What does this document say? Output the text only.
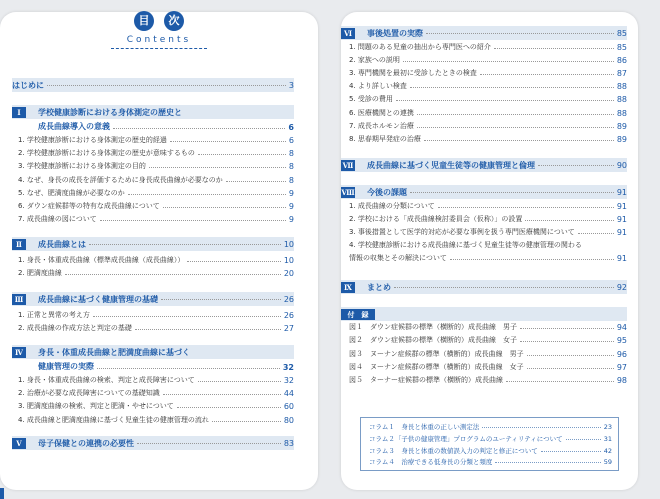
目	次
Contents
はじめに	3
Ⅰ	学校健康診断における身体測定の歴史と
成長曲線導入の意義	6
1. 学校健康診断における身体測定の歴史的経過	6
2. 学校健康診断における身体測定の歴史が意味するもの	8
3. 学校健康診断における身体測定の目的	8
4. なぜ、身長の成長を評価するために身長成長曲線が必要なのか	8
5. なぜ、肥満度曲線が必要なのか	9
6. ダウン症候群等の特有な成長曲線について	9
7. 成長曲線の図について	9
Ⅱ	成長曲線とは	10
1. 身長・体重成長曲線（標準成長曲線（成長曲線））	10
2. 肥満度曲線	20
Ⅲ	成長曲線に基づく健康管理の基礎	26
1. 正常と異常の考え方	26
2. 成長曲線の作成方法と判定の基礎	27
Ⅳ	身長・体重成長曲線と肥満度曲線に基づく
健康管理の実際	32
1. 身長・体重成長曲線の検索、判定と成長障害について	32
2. 治療が必要な成長障害についての基礎知識	44
3. 肥満度曲線の検索、判定と肥満・やせについて	60
4. 成長曲線と肥満度曲線に基づく児童生徒の健康管理の流れ	80
Ⅴ	母子保健との連携の必要性	83
Ⅵ	事後処置の実際	85
1. 問題のある児童の抽出から専門医への紹介	85
2. 家族への説明	86
3. 専門機関を最初に受診したときの検査	87
4. より詳しい検査	88
5. 受診の費用	88
6. 医療機関との連携	88
7. 成長ホルモン治療	89
8. 思春期早発症の治療	89
Ⅶ 成長曲線に基づく児童生徒等の健康管理と倫理	90
Ⅷ 今後の課題	91
1. 成長曲線の分類について	91
2. 学校における「成長曲線検討委員会（仮称）」の設置	91
3. 事後措置として医学的対応が必要な事例を扱う専門医療機関について	91
4. 学校健康診断における成長曲線に基づく児童生徒等の健康管理の関わる
情報の収集とその解決について	91
Ⅸ	まとめ	92
付　録
図１　ダウン症候群の標準（横断的）成長曲線　男子	94
図２　ダウン症候群の標準（横断的）成長曲線　女子	95
図３　ヌーナン症候群の標準（横断的）成長曲線　男子	96
図４　ヌーナン症候群の標準（横断的）成長曲線　女子	97
図５　ターナー症候群の標準（横断的）成長曲線	98
コラム１　身長と体重の正しい測定法	23
コラム２「子供の健康管理」プログラムのユーティリティについて	31
コラム３　身長と体重の数値誤入力の判定と修正について	42
コラム４　治療できる低身長の分類と頻度	59
